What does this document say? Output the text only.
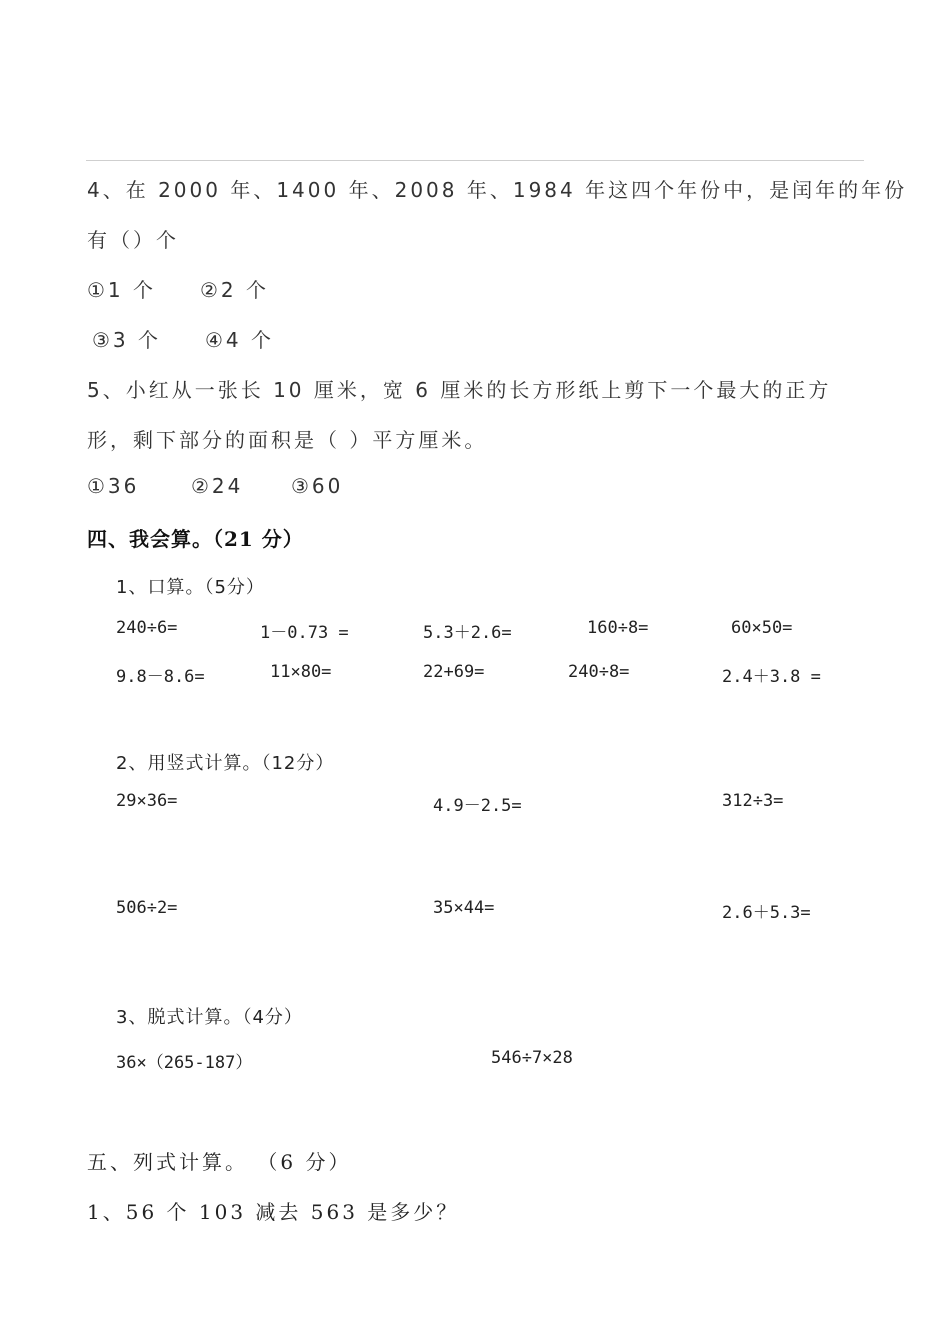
4、在 2000 年、1400 年、2008 年、1984 年这四个年份中，是闰年的年份
有（）个
①1 个 ②2 个
③3 个 ④4 个
5、小红从一张长 10 厘米，宽 6 厘米的长方形纸上剪下一个最大的正方
形，剩下部分的面积是（ ）平方厘米。
①36	②24 ③60
四、我会算。（21 分）
1、口算。（5分）
240÷6=	1－0.73 =	5.3＋2.6=	160÷8=	60×50=
9.8－8.6=	11×80=	22+69=	240÷8=	2.4＋3.8 =
2、用竖式计算。（12分）
29×36=	4.9－2.5=	312÷3=
506÷2=	35×44=	2.6＋5.3=
3、脱式计算。（4分）
36×（265-187）	546÷7×28
五、列式计算。 （6 分）
1、56 个 103 减去 563 是多少？
